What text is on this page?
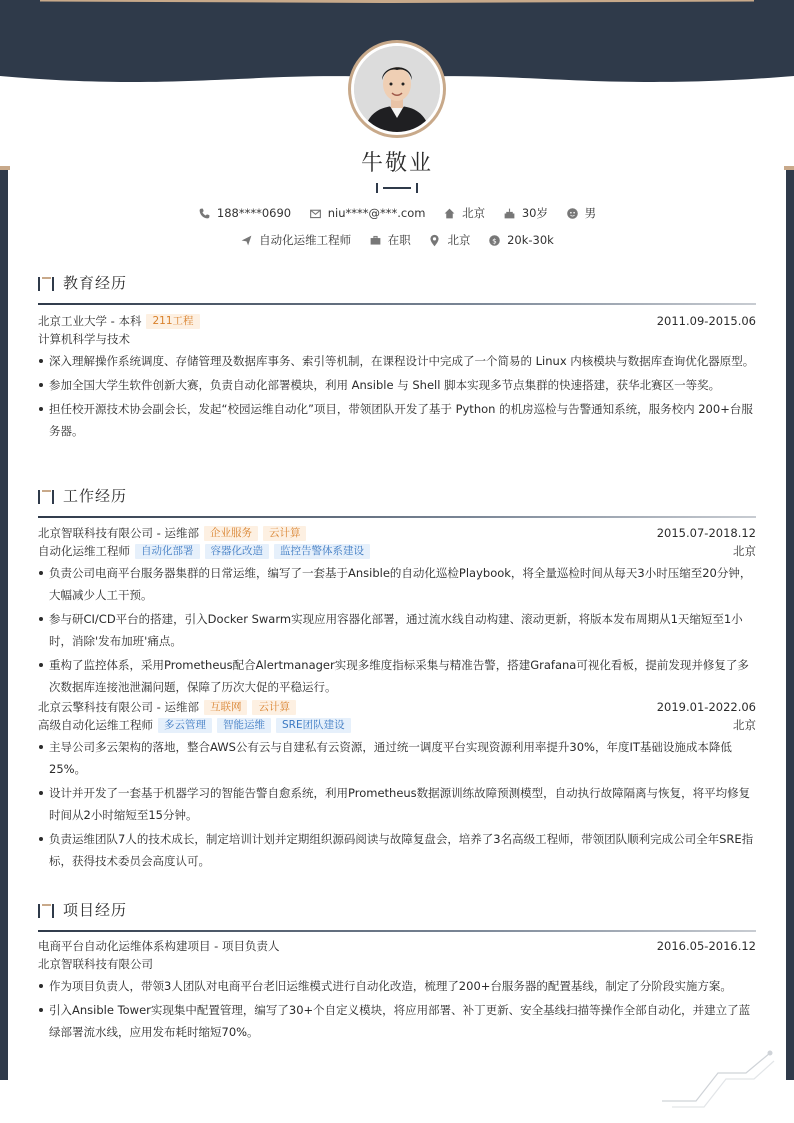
牛敬业
188****0690
	niu****@***.com
	北京
	30岁
	男
自动化运维工程师
	在职
	北京
$ 20k-30k
教育经历
北京工业大学 - 本科	211工程	2011.09-2015.06
计算机科学与技术
深入理解操作系统调度、存储管理及数据库事务、索引等机制，在课程设计中完成了一个简易的 Linux 内核模块与数据库查询优化器原型。
参加全国大学生软件创新大赛，负责自动化部署模块，利用 Ansible 与 Shell 脚本实现多节点集群的快速搭建，获华北赛区一等奖。
担任校开源技术协会副会长，发起“校园运维自动化”项目，带领团队开发了基于 Python 的机房巡检与告警通知系统，服务校内 200+台服务器。
工作经历
北京智联科技有限公司 - 运维部	企业服务	云计算	2015.07-2018.12
自动化运维工程师	自动化部署	容器化改造	监控告警体系建设	北京
负责公司电商平台服务器集群的日常运维，编写了一套基于Ansible的自动化巡检Playbook，将全量巡检时间从每天3小时压缩至20分钟，大幅减少人工干预。
参与研CI/CD平台的搭建，引入Docker Swarm实现应用容器化部署，通过流水线自动构建、滚动更新，将版本发布周期从1天缩短至1小时，消除'发布加班'痛点。
重构了监控体系，采用Prometheus配合Alertmanager实现多维度指标采集与精准告警，搭建Grafana可视化看板，提前发现并修复了多次数据库连接池泄漏问题，保障了历次大促的平稳运行。
北京云擎科技有限公司 - 运维部	互联网	云计算	2019.01-2022.06
高级自动化运维工程师	多云管理	智能运维	SRE团队建设	北京
主导公司多云架构的落地，整合AWS公有云与自建私有云资源，通过统一调度平台实现资源利用率提升30%，年度IT基础设施成本降低25%。
设计并开发了一套基于机器学习的智能告警自愈系统，利用Prometheus数据源训练故障预测模型，自动执行故障隔离与恢复，将平均修复时间从2小时缩短至15分钟。
负责运维团队7人的技术成长，制定培训计划并定期组织源码阅读与故障复盘会，培养了3名高级工程师，带领团队顺利完成公司全年SRE指标，获得技术委员会高度认可。
项目经历
电商平台自动化运维体系构建项目 - 项目负责人	2016.05-2016.12
北京智联科技有限公司
作为项目负责人，带领3人团队对电商平台老旧运维模式进行自动化改造，梳理了200+台服务器的配置基线，制定了分阶段实施方案。
引入Ansible Tower实现集中配置管理，编写了30+个自定义模块，将应用部署、补丁更新、安全基线扫描等操作全部自动化，并建立了蓝绿部署流水线，应用发布耗时缩短70%。
